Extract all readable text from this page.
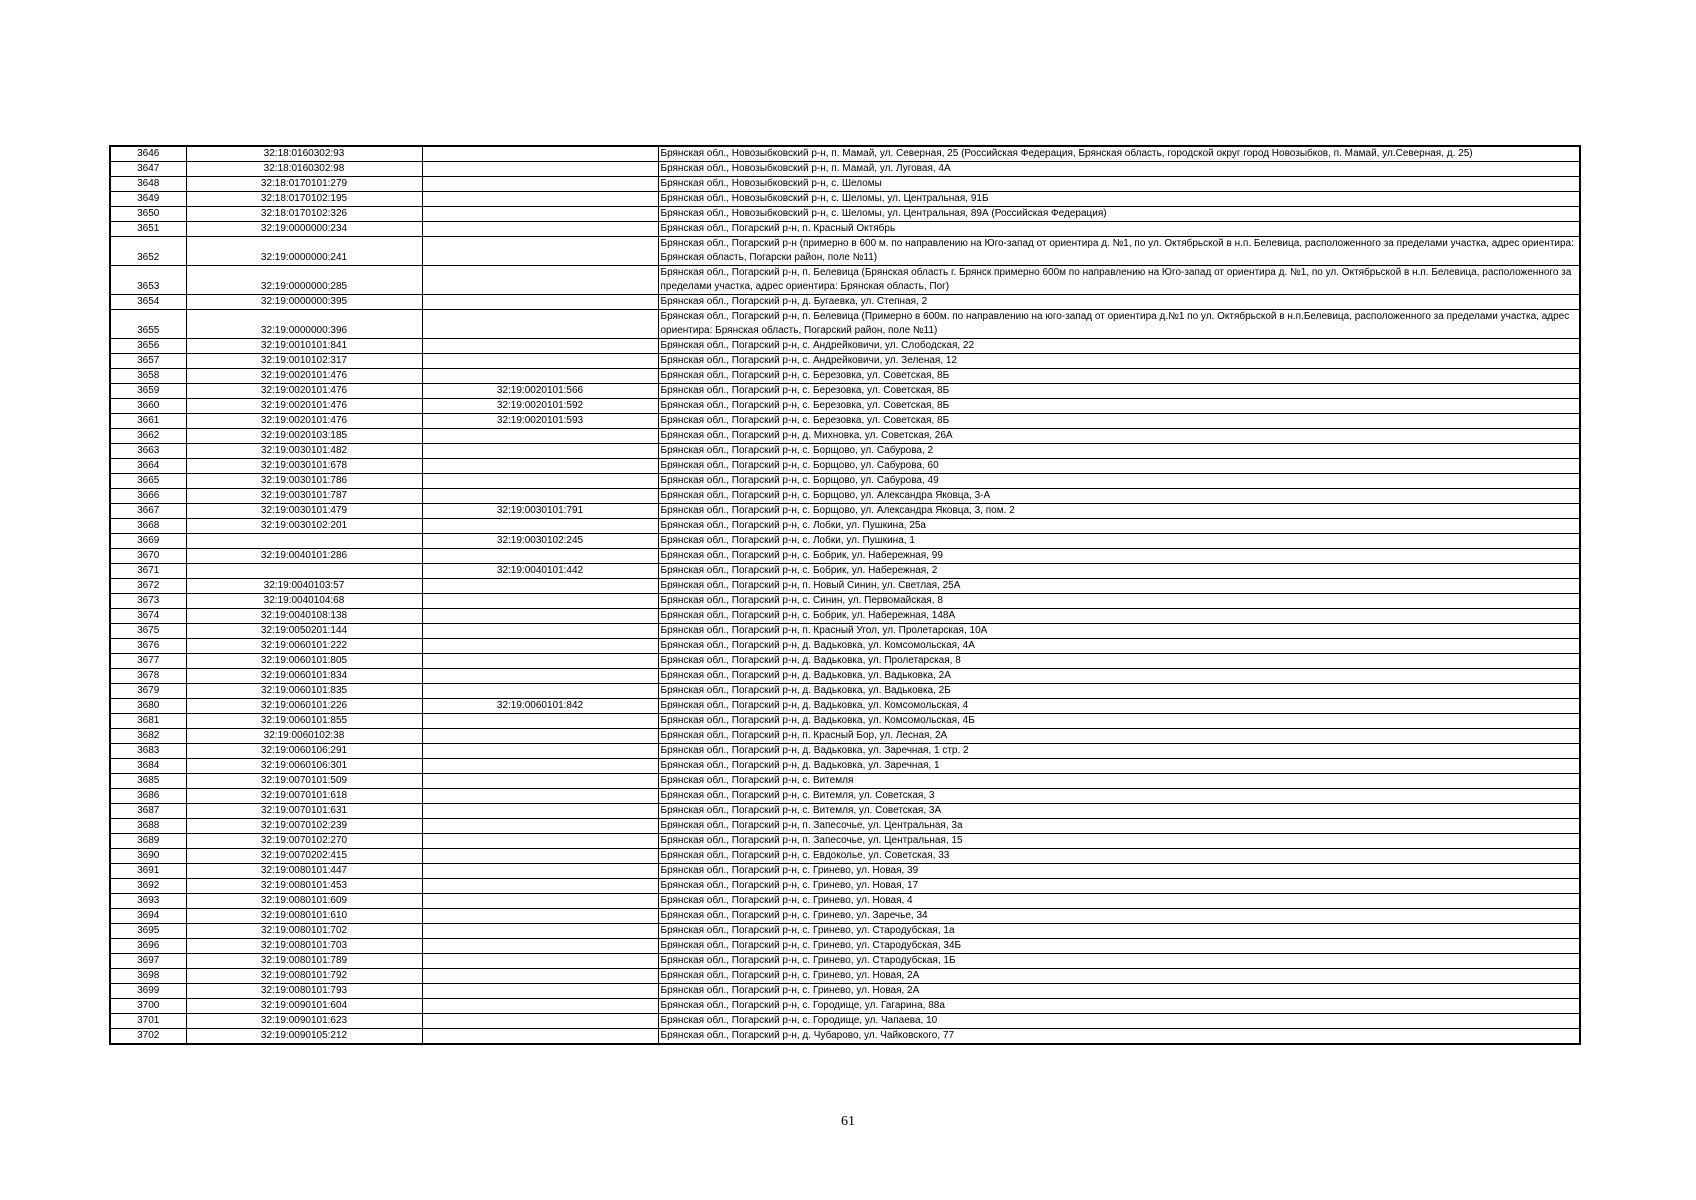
3646	32:18:0160302:93		Брянская обл., Новозыбковский р-н, п. Мамай, ул. Северная, 25 (Российская Федерация, Брянская область, городской округ город Новозыбков, п. Мамай, ул.Северная, д. 25)
3647	32:18:0160302:98		Брянская обл., Новозыбковский р-н, п. Мамай, ул. Луговая, 4А
3648	32:18:0170101:279		Брянская обл., Новозыбковский р-н, с. Шеломы
3649	32:18:0170102:195		Брянская обл., Новозыбковский р-н, с. Шеломы, ул. Центральная, 91Б
3650	32:18:0170102:326		Брянская обл., Новозыбковский р-н, с. Шеломы, ул. Центральная, 89А (Российская Федерация)
3651	32:19:0000000:234		Брянская обл., Погарский р-н, п. Красный Октябрь
3652	32:19:0000000:241		Брянская обл., Погарский р-н (примерно в 600 м. по направлению на Юго-запад от ориентира д. №1, по ул. Октябрьской в н.п. Белевица, расположенного за пределами участка, адрес ориентира: Брянская область, Погарски район, поле №11)
3653	32:19:0000000:285		Брянская обл., Погарский р-н, п. Белевица (Брянская область г. Брянск примерно 600м по направлению на Юго-запад от ориентира д. №1, по ул. Октябрьской в н.п. Белевица, расположенного за пределами участка, адрес ориентира: Брянская область, Пог)
3654	32:19:0000000:395		Брянская обл., Погарский р-н, д. Бугаевка, ул. Степная, 2
3655	32:19:0000000:396		Брянская обл., Погарский р-н, п. Белевица (Примерно в 600м. по направлению на юго-запад от ориентира д.№1 по ул. Октябрьской в н.п.Белевица, расположенного за пределами участка, адрес ориентира: Брянская область, Погарский район, поле №11)
3656	32:19:0010101:841		Брянская обл., Погарский р-н, с. Андрейковичи, ул. Слободская, 22
3657	32:19:0010102:317		Брянская обл., Погарский р-н, с. Андрейковичи, ул. Зеленая, 12
3658	32:19:0020101:476		Брянская обл., Погарский р-н, с. Березовка, ул. Советская, 8Б
3659	32:19:0020101:476	32:19:0020101:566	Брянская обл., Погарский р-н, с. Березовка, ул. Советская, 8Б
3660	32:19:0020101:476	32:19:0020101:592	Брянская обл., Погарский р-н, с. Березовка, ул. Советская, 8Б
3661	32:19:0020101:476	32:19:0020101:593	Брянская обл., Погарский р-н, с. Березовка, ул. Советская, 8Б
3662	32:19:0020103:185		Брянская обл., Погарский р-н, д. Михновка, ул. Советская, 26А
3663	32:19:0030101:482		Брянская обл., Погарский р-н, с. Борщово, ул. Сабурова, 2
3664	32:19:0030101:678		Брянская обл., Погарский р-н, с. Борщово, ул. Сабурова, 60
3665	32:19:0030101:786		Брянская обл., Погарский р-н, с. Борщово, ул. Сабурова, 49
3666	32:19:0030101:787		Брянская обл., Погарский р-н, с. Борщово, ул. Александра Яковца, 3-А
3667	32:19:0030101:479	32:19:0030101:791	Брянская обл., Погарский р-н, с. Борщово, ул. Александра Яковца, 3, пом. 2
3668	32:19:0030102:201		Брянская обл., Погарский р-н, с. Лобки, ул. Пушкина, 25а
3669		32:19:0030102:245	Брянская обл., Погарский р-н, с. Лобки, ул. Пушкина, 1
3670	32:19:0040101:286		Брянская обл., Погарский р-н, с. Бобрик, ул. Набережная, 99
3671		32:19:0040101:442	Брянская обл., Погарский р-н, с. Бобрик, ул. Набережная, 2
3672	32:19:0040103:57		Брянская обл., Погарский р-н, п. Новый Синин, ул. Светлая, 25А
3673	32:19:0040104:68		Брянская обл., Погарский р-н, с. Синин, ул. Первомайская, 8
3674	32:19:0040108:138		Брянская обл., Погарский р-н, с. Бобрик, ул. Набережная, 148А
3675	32:19:0050201:144		Брянская обл., Погарский р-н, п. Красный Угол, ул. Пролетарская, 10А
3676	32:19:0060101:222		Брянская обл., Погарский р-н, д. Вадьковка, ул. Комсомольская, 4А
3677	32:19:0060101:805		Брянская обл., Погарский р-н, д. Вадьковка, ул. Пролетарская, 8
3678	32:19:0060101:834		Брянская обл., Погарский р-н, д. Вадьковка, ул. Вадьковка, 2А
3679	32:19:0060101:835		Брянская обл., Погарский р-н, д. Вадьковка, ул. Вадьковка, 2Б
3680	32:19:0060101:226	32:19:0060101:842	Брянская обл., Погарский р-н, д. Вадьковка, ул. Комсомольская, 4
3681	32:19:0060101:855		Брянская обл., Погарский р-н, д. Вадьковка, ул. Комсомольская, 4Б
3682	32:19:0060102:38		Брянская обл., Погарский р-н, п. Красный Бор, ул. Лесная, 2А
3683	32:19:0060106:291		Брянская обл., Погарский р-н, д. Вадьковка, ул. Заречная, 1 стр. 2
3684	32:19:0060106:301		Брянская обл., Погарский р-н, д. Вадьковка, ул. Заречная, 1
3685	32:19:0070101:509		Брянская обл., Погарский р-н, с. Витемля
3686	32:19:0070101:618		Брянская обл., Погарский р-н, с. Витемля, ул. Советская, 3
3687	32:19:0070101:631		Брянская обл., Погарский р-н, с. Витемля, ул. Советская, 3А
3688	32:19:0070102:239		Брянская обл., Погарский р-н, п. Запесочье, ул. Центральная, 3а
3689	32:19:0070102:270		Брянская обл., Погарский р-н, п. Запесочье, ул. Центральная, 15
3690	32:19:0070202:415		Брянская обл., Погарский р-н, с. Евдокольe, ул. Советская, 33
3691	32:19:0080101:447		Брянская обл., Погарский р-н, с. Гринево, ул. Новая, 39
3692	32:19:0080101:453		Брянская обл., Погарский р-н, с. Гринево, ул. Новая, 17
3693	32:19:0080101:609		Брянская обл., Погарский р-н, с. Гринево, ул. Новая, 4
3694	32:19:0080101:610		Брянская обл., Погарский р-н, с. Гринево, ул. Заречье, 34
3695	32:19:0080101:702		Брянская обл., Погарский р-н, с. Гринево, ул. Стародубская, 1а
3696	32:19:0080101:703		Брянская обл., Погарский р-н, с. Гринево, ул. Стародубская, 34Б
3697	32:19:0080101:789		Брянская обл., Погарский р-н, с. Гринево, ул. Стародубская, 1Б
3698	32:19:0080101:792		Брянская обл., Погарский р-н, с. Гринево, ул. Новая, 2А
3699	32:19:0080101:793		Брянская обл., Погарский р-н, с. Гринево, ул. Новая, 2А
3700	32:19:0090101:604		Брянская обл., Погарский р-н, с. Городище, ул. Гагарина, 88а
3701	32:19:0090101:623		Брянская обл., Погарский р-н, с. Городище, ул. Чапаева, 10
3702	32:19:0090105:212		Брянская обл., Погарский р-н, д. Чубарово, ул. Чайковского, 77
61
